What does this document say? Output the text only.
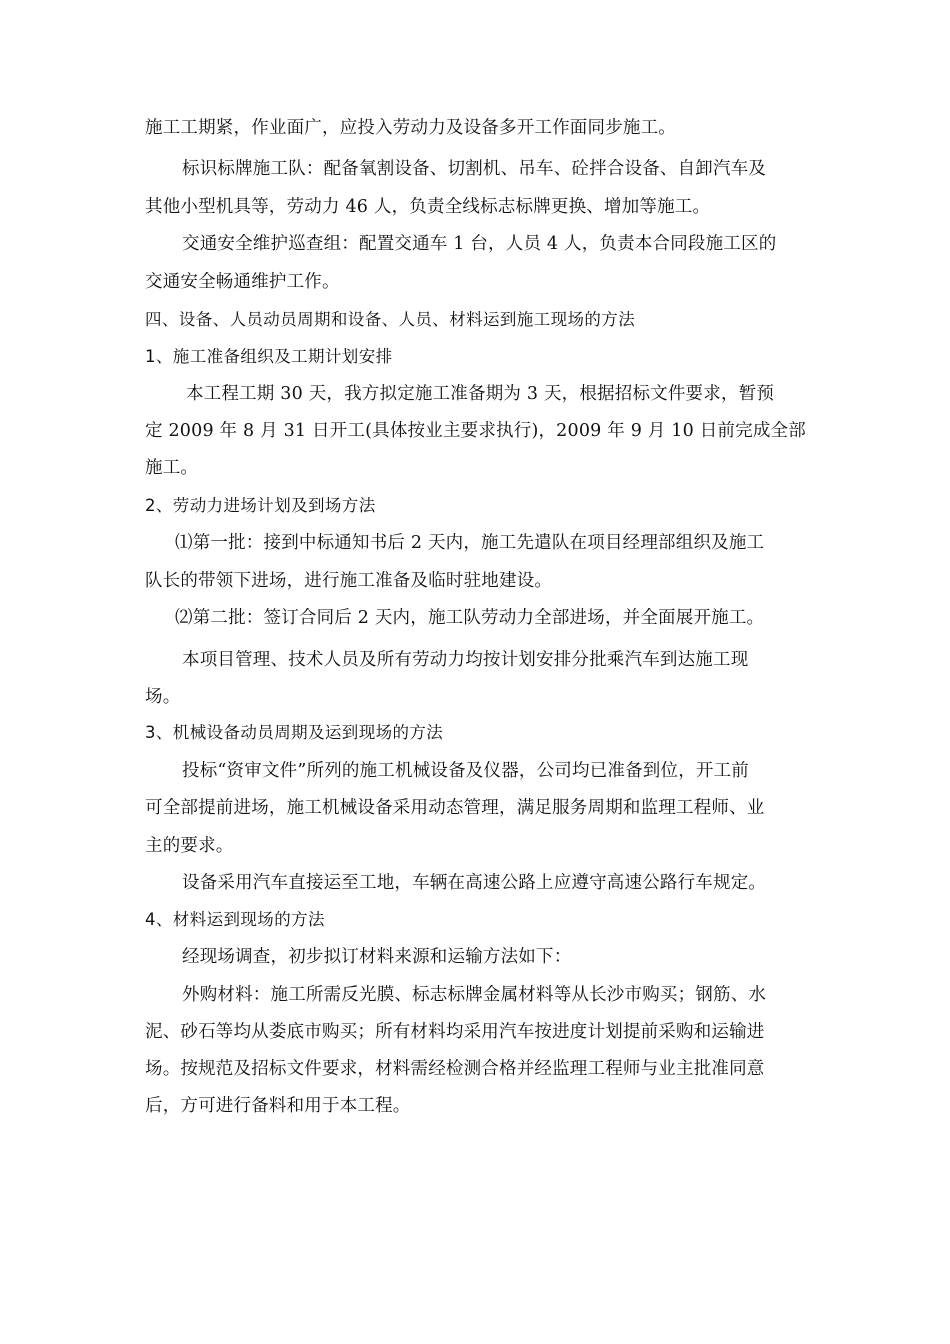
施工工期紧，作业面广，应投入劳动力及设备多开工作面同步施工。
标识标牌施工队：配备氧割设备、切割机、吊车、砼拌合设备、自卸汽车及
其他小型机具等，劳动力 46 人，负责全线标志标牌更换、增加等施工。
交通安全维护巡查组：配置交通车 1 台，人员 4 人，负责本合同段施工区的
交通安全畅通维护工作。
四、设备、人员动员周期和设备、人员、材料运到施工现场的方法
1、施工准备组织及工期计划安排
本工程工期 30 天，我方拟定施工准备期为 3 天，根据招标文件要求，暂预
定 2009 年 8 月 31 日开工(具体按业主要求执行)，2009 年 9 月 10 日前完成全部
施工。
2、劳动力进场计划及到场方法
⑴第一批：接到中标通知书后 2 天内，施工先遣队在项目经理部组织及施工
队长的带领下进场，进行施工准备及临时驻地建设。
⑵第二批：签订合同后 2 天内，施工队劳动力全部进场，并全面展开施工。
本项目管理、技术人员及所有劳动力均按计划安排分批乘汽车到达施工现
场。
3、机械设备动员周期及运到现场的方法
投标“资审文件”所列的施工机械设备及仪器，公司均已准备到位，开工前
可全部提前进场，施工机械设备采用动态管理，满足服务周期和监理工程师、业
主的要求。
设备采用汽车直接运至工地，车辆在高速公路上应遵守高速公路行车规定。
4、材料运到现场的方法
经现场调查，初步拟订材料来源和运输方法如下：
外购材料：施工所需反光膜、标志标牌金属材料等从长沙市购买；钢筋、水
泥、砂石等均从娄底市购买；所有材料均采用汽车按进度计划提前采购和运输进
场。按规范及招标文件要求，材料需经检测合格并经监理工程师与业主批准同意
后，方可进行备料和用于本工程。
